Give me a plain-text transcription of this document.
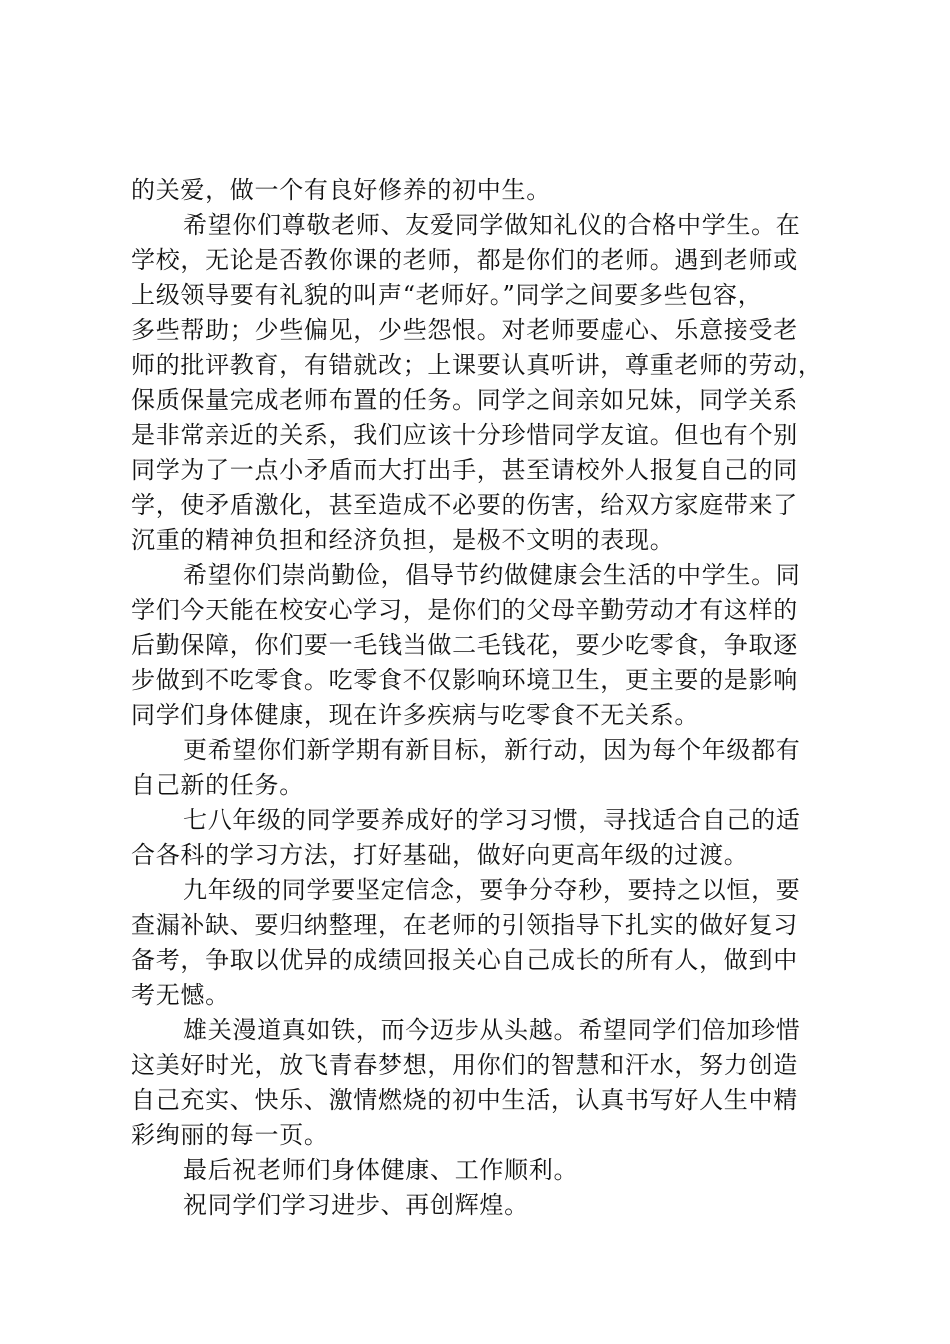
的关爱，做一个有良好修养的初中生。
希望你们尊敬老师、友爱同学做知礼仪的合格中学生。在
学校，无论是否教你课的老师，都是你们的老师。遇到老师或
上级领导要有礼貌的叫声“老师好。”同学之间要多些包容，
多些帮助；少些偏见，少些怨恨。对老师要虚心、乐意接受老
师的批评教育，有错就改；上课要认真听讲，尊重老师的劳动，
保质保量完成老师布置的任务。同学之间亲如兄妹，同学关系
是非常亲近的关系，我们应该十分珍惜同学友谊。但也有个别
同学为了一点小矛盾而大打出手，甚至请校外人报复自己的同
学，使矛盾激化，甚至造成不必要的伤害，给双方家庭带来了
沉重的精神负担和经济负担，是极不文明的表现。
希望你们崇尚勤俭，倡导节约做健康会生活的中学生。同
学们今天能在校安心学习，是你们的父母辛勤劳动才有这样的
后勤保障，你们要一毛钱当做二毛钱花，要少吃零食，争取逐
步做到不吃零食。吃零食不仅影响环境卫生，更主要的是影响
同学们身体健康，现在许多疾病与吃零食不无关系。
更希望你们新学期有新目标，新行动，因为每个年级都有
自己新的任务。
七八年级的同学要养成好的学习习惯，寻找适合自己的适
合各科的学习方法，打好基础，做好向更高年级的过渡。
九年级的同学要坚定信念，要争分夺秒，要持之以恒，要
查漏补缺、要归纳整理，在老师的引领指导下扎实的做好复习
备考，争取以优异的成绩回报关心自己成长的所有人，做到中
考无憾。
雄关漫道真如铁，而今迈步从头越。希望同学们倍加珍惜
这美好时光，放飞青春梦想，用你们的智慧和汗水，努力创造
自己充实、快乐、激情燃烧的初中生活，认真书写好人生中精
彩绚丽的每一页。
最后祝老师们身体健康、工作顺利。
祝同学们学习进步、再创辉煌。
